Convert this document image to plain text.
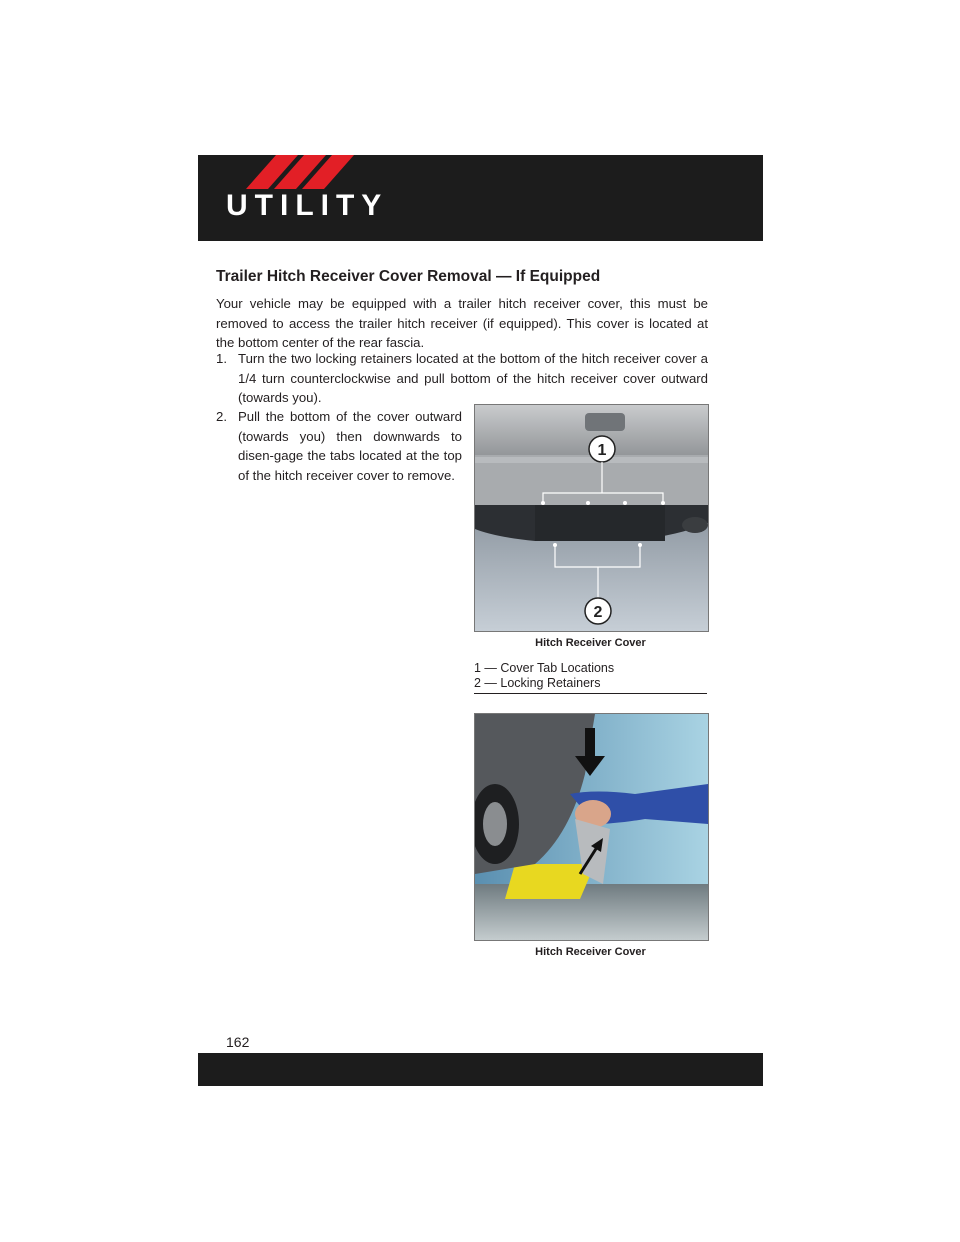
UTILITY
Trailer Hitch Receiver Cover Removal — If Equipped

Your vehicle may be equipped with a trailer hitch receiver cover, this must be removed to access the trailer hitch receiver (if equipped). This cover is located at the bottom center of the rear fascia.

1. Turn the two locking retainers located at the bottom of the hitch receiver cover a 1/4 turn counterclockwise and pull bottom of the hitch receiver cover outward (towards you).
2. Pull the bottom of the cover outward (towards you) then downwards to disen-gage the tabs located at the top of the hitch receiver cover to remove.
1
2
Hitch Receiver Cover
1 — Cover Tab Locations
2 — Locking Retainers
Hitch Receiver Cover
162
